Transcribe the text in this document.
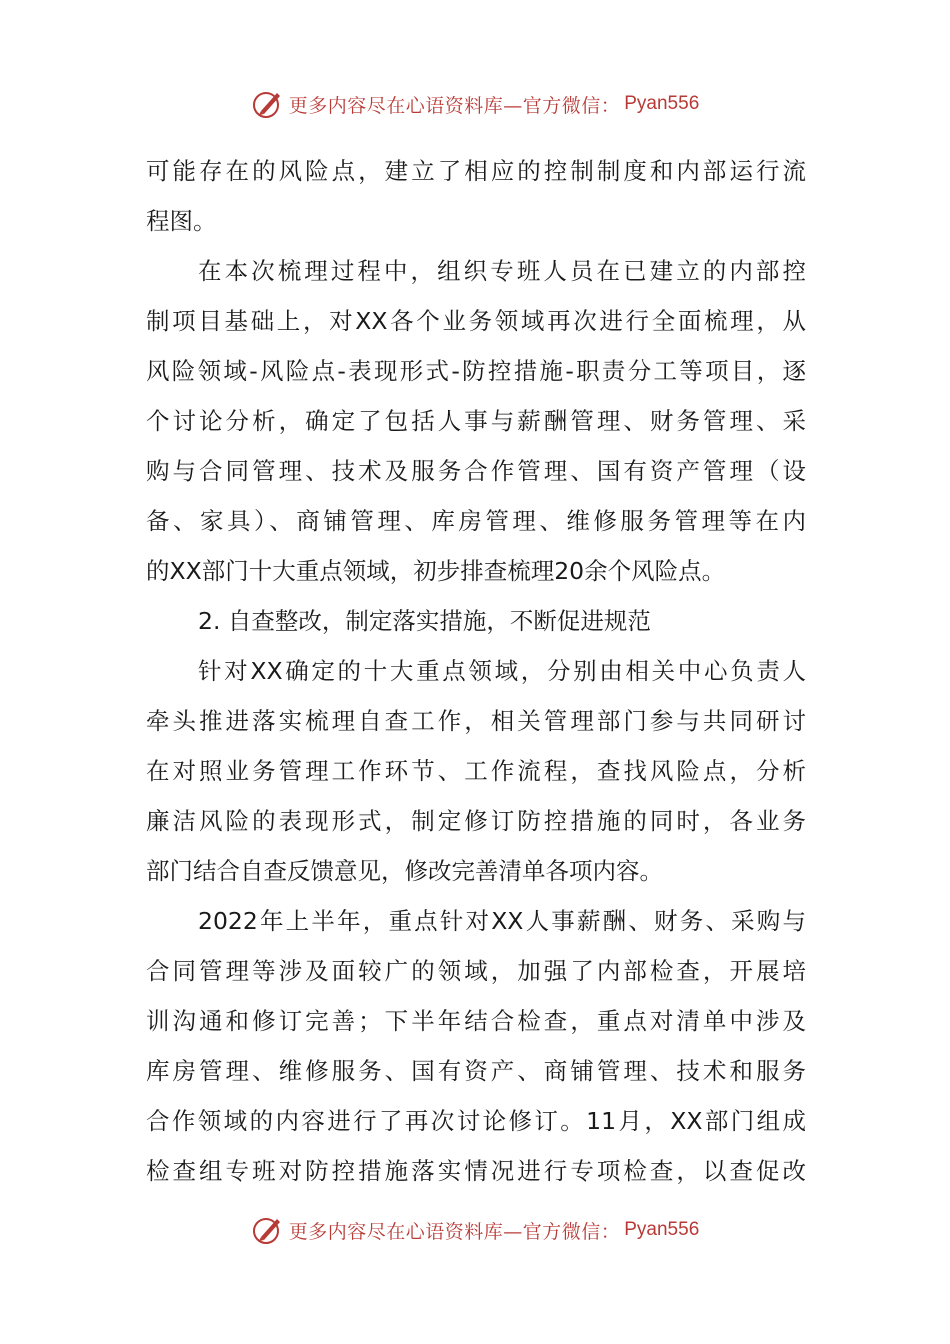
更多内容尽在心语资料库—官方微信： Pyan556
可能存在的风险点，建立了相应的控制制度和内部运行流
程图。
在本次梳理过程中，组织专班人员在已建立的内部控
制项目基础上，对XX各个业务领域再次进行全面梳理，从
风险领域-风险点-表现形式-防控措施-职责分工等项目，逐
个讨论分析，确定了包括人事与薪酬管理、财务管理、采
购与合同管理、技术及服务合作管理、国有资产管理（设
备、家具）、商铺管理、库房管理、维修服务管理等在内
的XX部门十大重点领域，初步排查梳理20余个风险点。
2. 自查整改，制定落实措施，不断促进规范
针对XX确定的十大重点领域，分别由相关中心负责人
牵头推进落实梳理自查工作，相关管理部门参与共同研讨
在对照业务管理工作环节、工作流程，查找风险点，分析
廉洁风险的表现形式，制定修订防控措施的同时，各业务
部门结合自查反馈意见，修改完善清单各项内容。
2022年上半年，重点针对XX人事薪酬、财务、采购与
合同管理等涉及面较广的领域，加强了内部检查，开展培
训沟通和修订完善；下半年结合检查，重点对清单中涉及
库房管理、维修服务、国有资产、商铺管理、技术和服务
合作领域的内容进行了再次讨论修订。11月，XX部门组成
检查组专班对防控措施落实情况进行专项检查，以查促改
更多内容尽在心语资料库—官方微信： Pyan556
